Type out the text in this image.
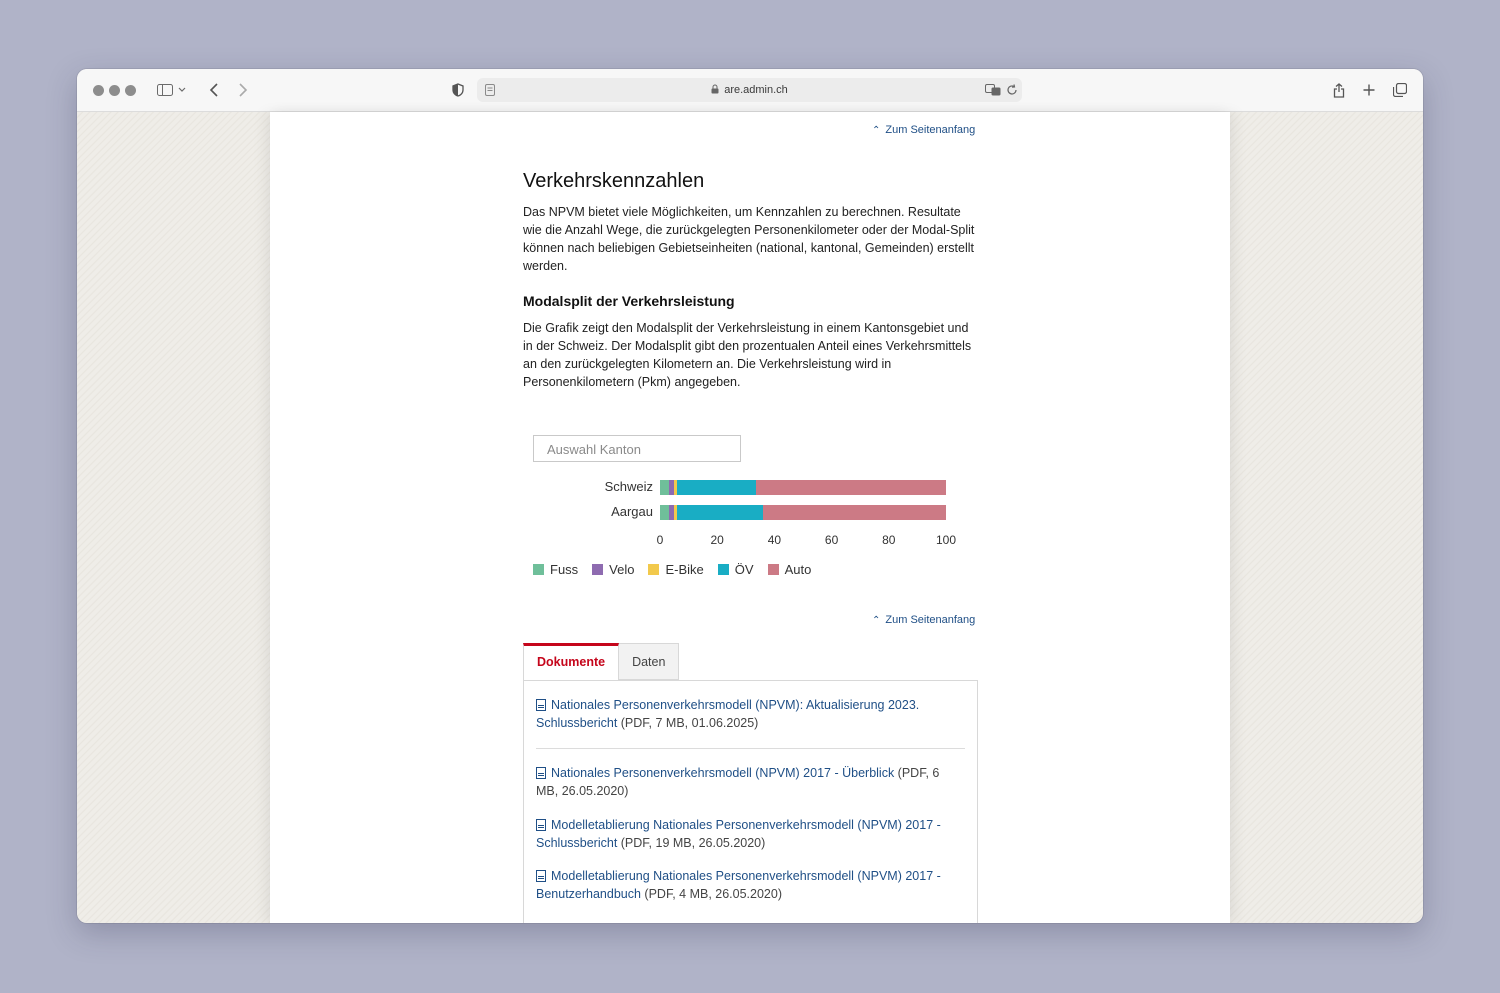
are.admin.ch
⌃ Zum Seitenanfang
Verkehrskennzahlen

Das NPVM bietet viele Möglichkeiten, um Kennzahlen zu berechnen. Resultate wie die Anzahl Wege, die zurückgelegten Personenkilometer oder der Modal-Split können nach beliebigen Gebietseinheiten (national, kantonal, Gemeinden) erstellt werden.

Modalsplit der Verkehrsleistung

Die Grafik zeigt den Modalsplit der Verkehrsleistung in einem Kantonsgebiet und in der Schweiz. Der Modalsplit gibt den prozentualen Anteil eines Verkehrsmittels an den zurückgelegten Kilometern an. Die Verkehrsleistung wird in Personenkilometern (Pkm) angegeben.

Auswahl Kanton
Schweiz
Aargau
0	20	40	60	80	100
Fuss Velo E-Bike ÖV Auto
⌃ Zum Seitenanfang
Dokumente	Daten
Nationales Personenverkehrsmodell (NPVM): Aktualisierung 2023. Schlussbericht (PDF, 7 MB, 01.06.2025)
Nationales Personenverkehrsmodell (NPVM) 2017 - Überblick (PDF, 6 MB, 26.05.2020)
Modelletablierung Nationales Personenverkehrsmodell (NPVM) 2017 - Schlussbericht (PDF, 19 MB, 26.05.2020)
Modelletablierung Nationales Personenverkehrsmodell (NPVM) 2017 - Benutzerhandbuch (PDF, 4 MB, 26.05.2020)
